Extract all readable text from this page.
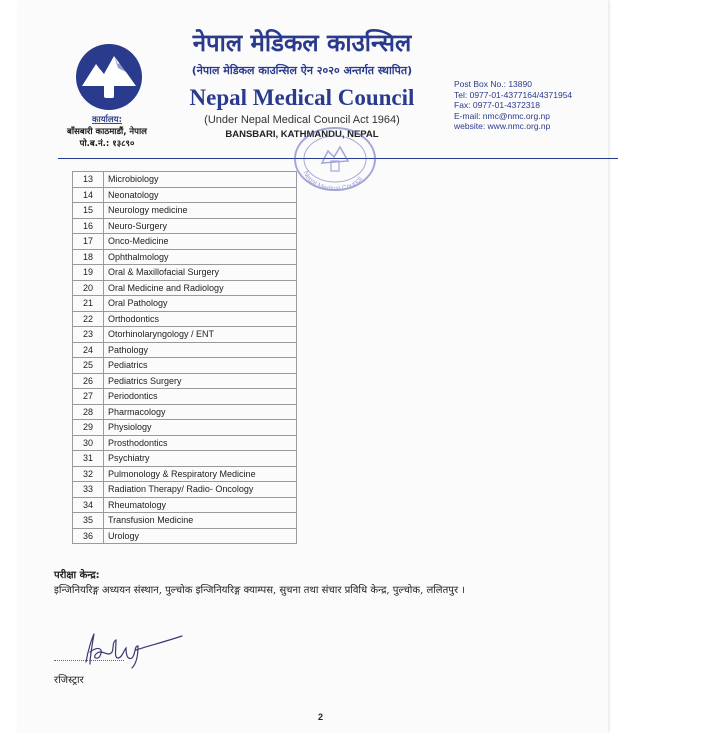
कार्यालय:
बाँसबारी काठमाडौं, नेपाल
पो.ब.नं.: १३८९०
नेपाल मेडिकल काउन्सिल
(नेपाल मेडिकल काउन्सिल ऐन २०२० अन्तर्गत स्थापित)
Nepal Medical Council
(Under Nepal Medical Council Act 1964)
BANSBARI, KATHMANDU, NEPAL
Post Box No.: 13890
Tel: 0977-01-4377164/4371954
Fax: 0977-01-4372318
E-mail: nmc@nmc.org.np
website: www.nmc.org.np
Nepal Medical Council
13	Microbiology
14	Neonatology
15	Neurology medicine
16	Neuro-Surgery
17	Onco-Medicine
18	Ophthalmology
19	Oral & Maxillofacial Surgery
20	Oral Medicine and Radiology
21	Oral Pathology
22	Orthodontics
23	Otorhinolaryngology / ENT
24	Pathology
25	Pediatrics
26	Pediatrics Surgery
27	Periodontics
28	Pharmacology
29	Physiology
30	Prosthodontics
31	Psychiatry
32	Pulmonology & Respiratory Medicine
33	Radiation Therapy/ Radio- Oncology
34	Rheumatology
35	Transfusion Medicine
36	Urology
परीक्षा केन्द्र:
इन्जिनियरिङ्ग अध्ययन संस्थान, पुल्चोक इन्जिनियरिङ्ग क्याम्पस, सुचना तथा संचार प्रविधि केन्द्र, पुल्चोक, ललितपुर ।
रजिस्ट्रार
2
